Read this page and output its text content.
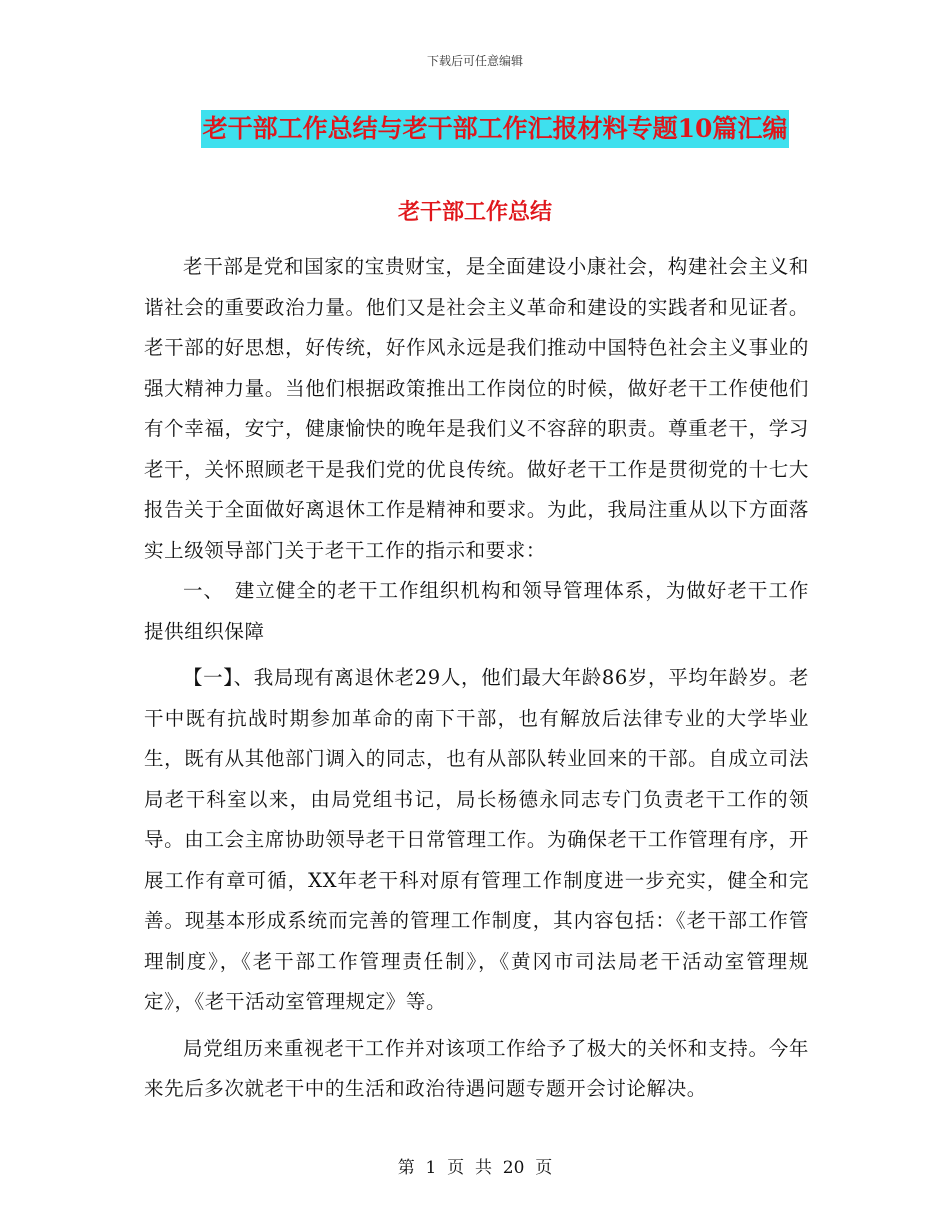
下载后可任意编辑

老干部工作总结与老干部工作汇报材料专题10篇汇编
老干部工作总结

老干部是党和国家的宝贵财宝，是全面建设小康社会，构建社会主义和谐社会的重要政治力量。他们又是社会主义革命和建设的实践者和见证者。老干部的好思想，好传统，好作风永远是我们推动中国特色社会主义事业的强大精神力量。当他们根据政策推出工作岗位的时候，做好老干工作使他们有个幸福，安宁，健康愉快的晚年是我们义不容辞的职责。尊重老干，学习老干，关怀照顾老干是我们党的优良传统。做好老干工作是贯彻党的十七大报告关于全面做好离退休工作是精神和要求。为此，我局注重从以下方面落实上级领导部门关于老干工作的指示和要求：

一、　建立健全的老干工作组织机构和领导管理体系，为做好老干工作提供组织保障

【一】、我局现有离退休老29人，他们最大年龄86岁，平均年龄岁。老干中既有抗战时期参加革命的南下干部，也有解放后法律专业的大学毕业生，既有从其他部门调入的同志，也有从部队转业回来的干部。自成立司法局老干科室以来，由局党组书记，局长杨德永同志专门负责老干工作的领导。由工会主席协助领导老干日常管理工作。为确保老干工作管理有序，开展工作有章可循，XX年老干科对原有管理工作制度进一步充实，健全和完善。现基本形成系统而完善的管理工作制度，其内容包括：《老干部工作管理制度》，《老干部工作管理责任制》，《黄冈市司法局老干活动室管理规定》，《老干活动室管理规定》等。

局党组历来重视老干工作并对该项工作给予了极大的关怀和支持。今年来先后多次就老干中的生活和政治待遇问题专题开会讨论解决。

第  1  页  共  20  页
